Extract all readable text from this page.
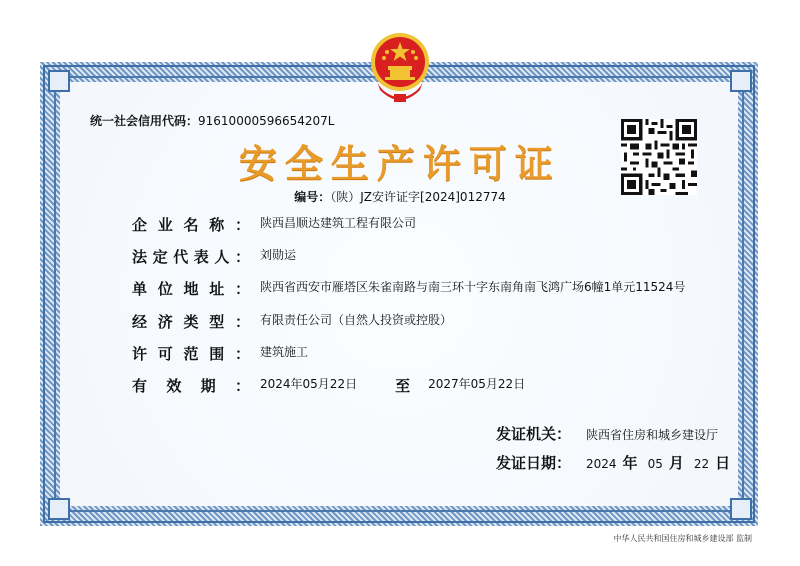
统一社会信用代码：91610000596654207L
安全生产许可证
编号：（陕）JZ安许证字[2024]012774
企 业 名 称 ： 陕西昌顺达建筑工程有限公司
法 定 代 表 人 ： 刘勋运
单 位 地 址 ： 陕西省西安市雁塔区朱雀南路与南三环十字东南角南飞鸿广场6幢1单元11524号
经 济 类 型 ： 有限责任公司（自然人投资或控股）
许 可 范 围 ： 建筑施工
有 效 期 ： 2024年05月22日	至 2027年05月22日
发证机关：	陕西省住房和城乡建设厅
发证日期：	2024 年 05 月 22 日
中华人民共和国住房和城乡建设部 监制
